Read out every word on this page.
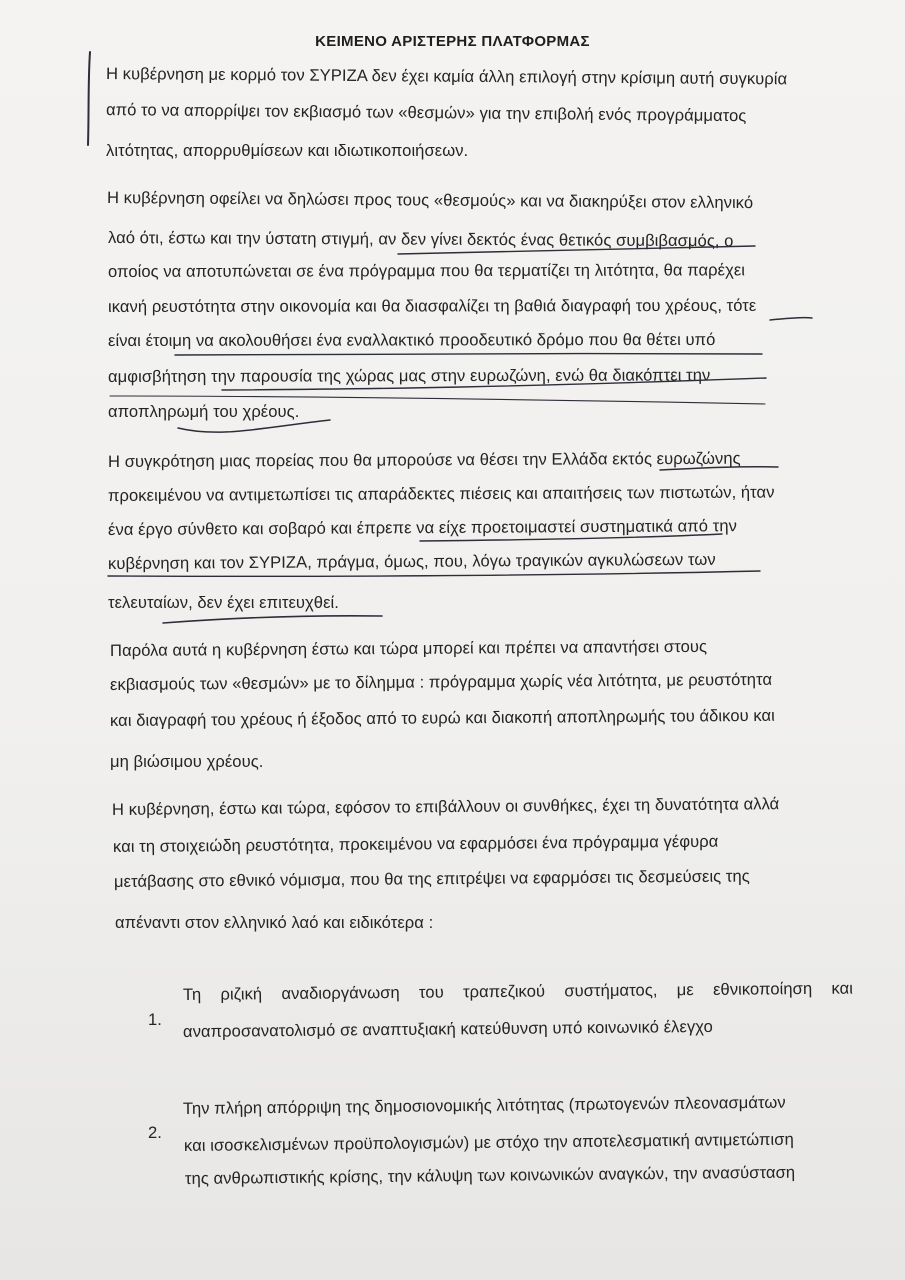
ΚΕΙΜΕΝΟ ΑΡΙΣΤΕΡΗΣ ΠΛΑΤΦΟΡΜΑΣ
Η κυβέρνηση με κορμό τον ΣΥΡΙΖΑ δεν έχει καμία άλλη επιλογή στην κρίσιμη αυτή συγκυρία
από το να απορρίψει τον εκβιασμό των «θεσμών» για την επιβολή ενός προγράμματος
λιτότητας, απορρυθμίσεων και ιδιωτικοποιήσεων.
Η κυβέρνηση οφείλει να δηλώσει προς τους «θεσμούς» και να διακηρύξει στον ελληνικό
λαό ότι, έστω και την ύστατη στιγμή, αν δεν γίνει δεκτός ένας θετικός συμβιβασμός, ο
οποίος να αποτυπώνεται σε ένα πρόγραμμα που θα τερματίζει τη λιτότητα, θα παρέχει
ικανή ρευστότητα στην οικονομία και θα διασφαλίζει τη βαθιά διαγραφή του χρέους, τότε
είναι έτοιμη να ακολουθήσει ένα εναλλακτικό προοδευτικό δρόμο που θα θέτει υπό
αμφισβήτηση την παρουσία της χώρας μας στην ευρωζώνη, ενώ θα διακόπτει την
αποπληρωμή του χρέους.
Η συγκρότηση μιας πορείας που θα μπορούσε να θέσει την Ελλάδα εκτός ευρωζώνης
προκειμένου να αντιμετωπίσει τις απαράδεκτες πιέσεις και απαιτήσεις των πιστωτών, ήταν
ένα έργο σύνθετο και σοβαρό και έπρεπε να είχε προετοιμαστεί συστηματικά από την
κυβέρνηση και τον ΣΥΡΙΖΑ, πράγμα, όμως, που, λόγω τραγικών αγκυλώσεων των
τελευταίων, δεν έχει επιτευχθεί.
Παρόλα αυτά η κυβέρνηση έστω και τώρα μπορεί και πρέπει να απαντήσει στους
εκβιασμούς των «θεσμών» με το δίλημμα : πρόγραμμα χωρίς νέα λιτότητα, με ρευστότητα
και διαγραφή του χρέους ή έξοδος από το ευρώ και διακοπή αποπληρωμής του άδικου και
μη βιώσιμου χρέους.
Η κυβέρνηση, έστω και τώρα, εφόσον το επιβάλλουν οι συνθήκες, έχει τη δυνατότητα αλλά
και τη στοιχειώδη ρευστότητα, προκειμένου να εφαρμόσει ένα πρόγραμμα γέφυρα
μετάβασης στο εθνικό νόμισμα, που θα της επιτρέψει να εφαρμόσει τις δεσμεύσεις της
απέναντι στον ελληνικό λαό και ειδικότερα :
1.
Τη ριζική αναδιοργάνωση του τραπεζικού συστήματος, με εθνικοποίηση και
αναπροσανατολισμό σε αναπτυξιακή κατεύθυνση υπό κοινωνικό έλεγχο
2.
Την πλήρη απόρριψη της δημοσιονομικής λιτότητας (πρωτογενών πλεονασμάτων
και ισοσκελισμένων προϋπολογισμών) με στόχο την αποτελεσματική αντιμετώπιση
της ανθρωπιστικής κρίσης, την κάλυψη των κοινωνικών αναγκών, την ανασύσταση
